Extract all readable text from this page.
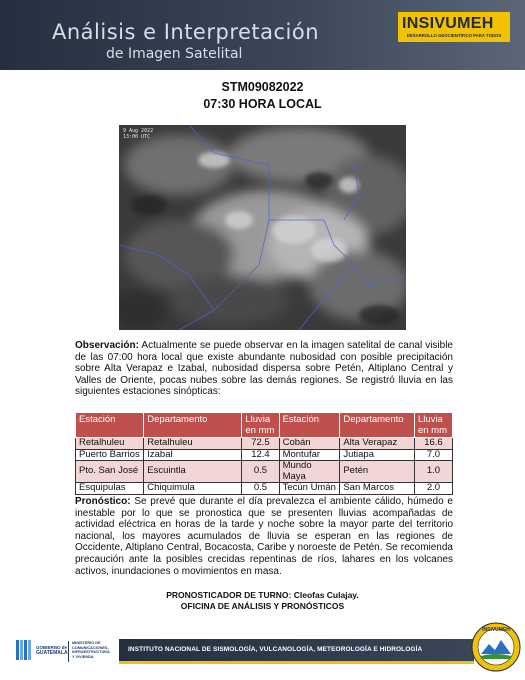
Análisis e Interpretación
de Imagen Satelital
INSIVUMEH
DESARROLLO GEOCIENTÍFICO PARA TODOS
STM09082022
07:30 HORA LOCAL
9 Aug 2022
13:00 UTC

Observación: Actualmente se puede observar en la imagen satelital de canal visible de las 07:00 hora local que existe abundante nubosidad con posible precipitación sobre Alta Verapaz e Izabal, nubosidad dispersa sobre Petén, Altiplano Central y Valles de Oriente, pocas nubes sobre las demás regiones. Se registró lluvia en las siguientes estaciones sinópticas:

Estación	Departamento	Lluvia en mm	Estación	Departamento	Lluvia en mm
Retalhuleu	Retalhuleu	72.5	Cobán	Alta Verapaz	16.6
Puerto Barrios	Izabal	12.4	Montufar	Jutiapa	7.0
Pto. San José	Escuintla	0.5	Mundo Maya	Petén	1.0
Esquipulas	Chiquimula	0.5	Tecún Umán	San Marcos	2.0

Pronóstico: Se prevé que durante el día prevalezca el ambiente cálido, húmedo e inestable por lo que se pronostica que se presenten lluvias acompañadas de actividad eléctrica en horas de la tarde y noche sobre la mayor parte del territorio nacional, los mayores acumulados de lluvia se esperan en las regiones de Occidente, Altiplano Central, Bocacosta, Caribe y noroeste de Petén. Se recomienda precaución ante la posibles crecidas repentinas de ríos, lahares en los volcanes activos, inundaciones o movimientos en masa.

PRONOSTICADOR DE TURNO: Cleofas Culajay.
OFICINA DE ANÁLISIS Y PRONÓSTICOS
GOBIERNO de
GUATEMALA
MINISTERIO DE
COMUNICACIONES,
INFRAESTRUCTURA
Y VIVIENDA
INSTITUTO NACIONAL DE SISMOLOGÍA, VULCANOLOGÍA, METEOROLOGÍA E HIDROLOGÍA
INSIVUMEH
